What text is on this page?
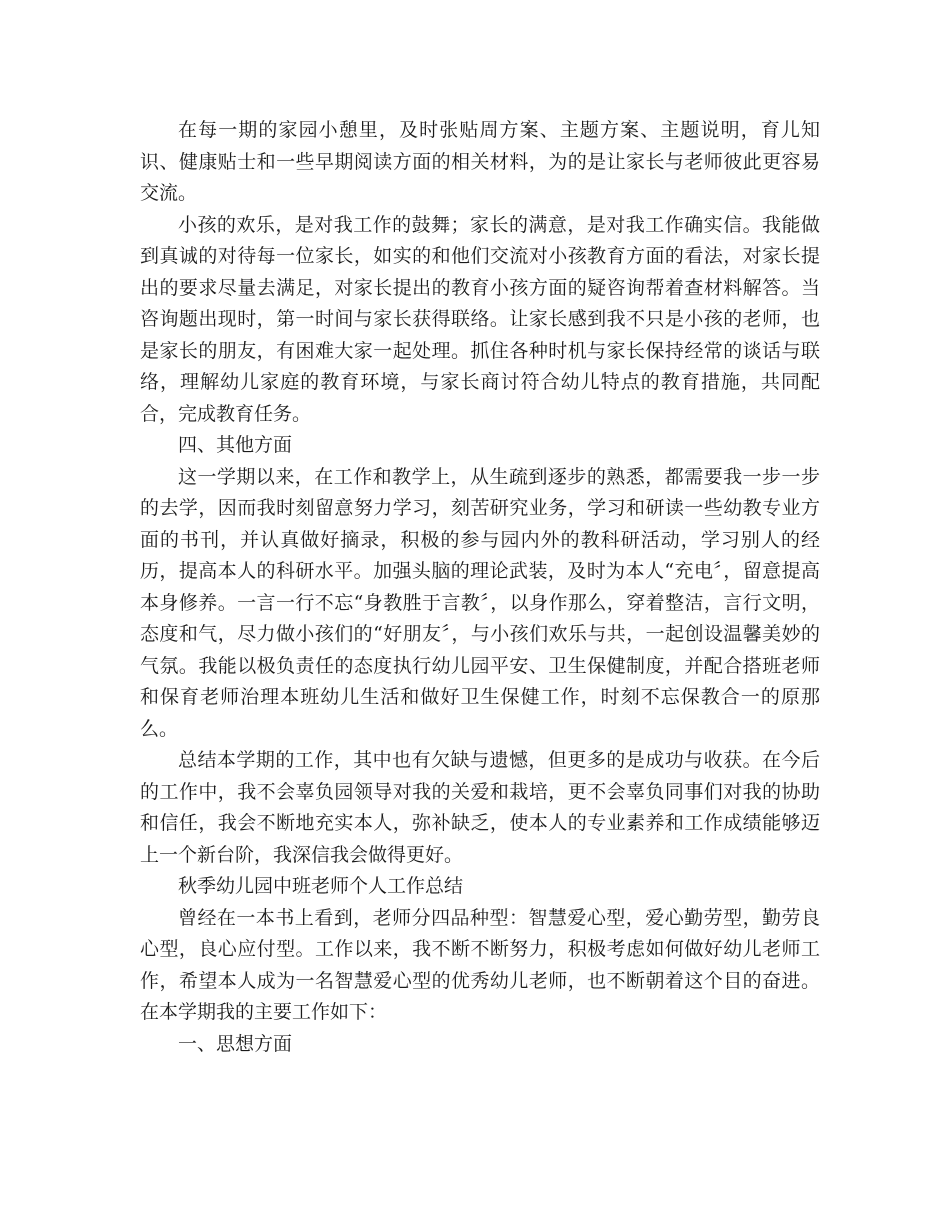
在每一期的家园小憩里，及时张贴周方案、主题方案、主题说明，育儿知识、健康贴士和一些早期阅读方面的相关材料，为的是让家长与老师彼此更容易交流。

小孩的欢乐，是对我工作的鼓舞；家长的满意，是对我工作确实信。我能做到真诚的对待每一位家长，如实的和他们交流对小孩教育方面的看法，对家长提出的要求尽量去满足，对家长提出的教育小孩方面的疑咨询帮着查材料解答。当咨询题出现时，第一时间与家长获得联络。让家长感到我不只是小孩的老师，也是家长的朋友，有困难大家一起处理。抓住各种时机与家长保持经常的谈话与联络，理解幼儿家庭的教育环境，与家长商讨符合幼儿特点的教育措施，共同配合，完成教育任务。

四、其他方面

这一学期以来，在工作和教学上，从生疏到逐步的熟悉，都需要我一步一步的去学，因而我时刻留意努力学习，刻苦研究业务，学习和研读一些幼教专业方面的书刊，并认真做好摘录，积极的参与园内外的教科研活动，学习别人的经历，提高本人的科研水平。加强头脑的理论武装，及时为本人“充电〞，留意提高本身修养。一言一行不忘“身教胜于言教〞，以身作那么，穿着整洁，言行文明，态度和气，尽力做小孩们的“好朋友〞，与小孩们欢乐与共，一起创设温馨美妙的气氛。我能以极负责任的态度执行幼儿园平安、卫生保健制度，并配合搭班老师和保育老师治理本班幼儿生活和做好卫生保健工作，时刻不忘保教合一的原那么。

总结本学期的工作，其中也有欠缺与遗憾，但更多的是成功与收获。在今后的工作中，我不会辜负园领导对我的关爱和栽培，更不会辜负同事们对我的协助和信任，我会不断地充实本人，弥补缺乏，使本人的专业素养和工作成绩能够迈上一个新台阶，我深信我会做得更好。

秋季幼儿园中班老师个人工作总结

曾经在一本书上看到，老师分四品种型：智慧爱心型，爱心勤劳型，勤劳良心型，良心应付型。工作以来，我不断不断努力，积极考虑如何做好幼儿老师工作，希望本人成为一名智慧爱心型的优秀幼儿老师，也不断朝着这个目的奋进。在本学期我的主要工作如下：

一、思想方面
